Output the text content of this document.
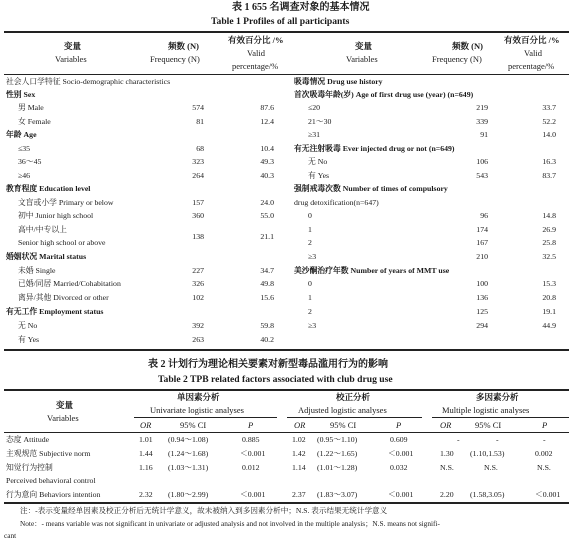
表 1 655 名调查对象的基本情况
Table 1 Profiles of all participants
变量
Variables
频数 (N)
Frequency (N)
有效百分比 /%
Valid
percentage/%
变量
Variables
频数 (N)
Frequency (N)
有效百分比 /%
Valid
percentage/%
社会人口学特征 Socio-demographic characteristics
性别 Sex
男 Male	574	87.6
女 Female	81	12.4
年龄 Age
≤35	68	10.4
36～45	323	49.3
≥46	264	40.3
教育程度 Education level
文盲或小学 Primary or below	157	24.0
初中 Junior high school	360	55.0
高中/中专以上
Senior high school or above
138	21.1
婚姻状况 Marital status
未婚 Single	227	34.7
已婚/同居 Married/Cohabitation	326	49.8
离异/其他 Divorced or other	102	15.6
有无工作 Employment status
无 No	392	59.8
有 Yes	263	40.2
吸毒情况 Drug use history
首次吸毒年龄(岁) Age of first drug use (year) (n=649)
≤20	219	33.7
21～30	339	52.2
≥31	91	14.0
有无注射吸毒 Ever injected drug or not (n=649)
无 No	106	16.3
有 Yes	543	83.7
强制戒毒次数 Number of times of compulsory
drug detoxification(n=647)
0	96	14.8
1	174	26.9
2	167	25.8
≥3	210	32.5
美沙酮治疗年数 Number of years of MMT use
0	100	15.3
1	136	20.8
2	125	19.1
≥3	294	44.9
表 2 计划行为理论相关要素对新型毒品滥用行为的影响
Table 2 TPB related factors associated with club drug use
变量
Variables
单因素分析
Univariate logistic analyses
校正分析
Adjusted logistic analyses
多因素分析
Multiple logistic analyses
OR	95% CI	P	OR	95% CI	P	OR	95% CI	P
态度 Attitude	1.01 (0.94～1.08)	0.885	1.02 (0.95～1.10)	0.609	-	-	-
主观规范 Subjective norm	1.44 (1.24～1.68)	＜0.001	1.42 (1.22～1.65)	＜0.001	1.30 (1.10,1.53)	0.002
知觉行为控制	1.16 (1.03～1.31)	0.012	1.14 (1.01～1.28)	0.032	N.S.	N.S.	N.S.
Perceived behavioral control
行为意向 Behaviors intention	2.32 (1.80～2.99)	＜0.001	2.37 (1.83～3.07)	＜0.001	2.20 (1.58,3.05)	＜0.001
注：-表示变量经单因素及校正分析后无统计学意义，故未被纳入到多因素分析中；N.S. 表示结果无统计学意义
Note：- means variable was not significant in univariate or adjusted analysis and not involved in the multiple analysis；N.S. means not signifi-
cant
